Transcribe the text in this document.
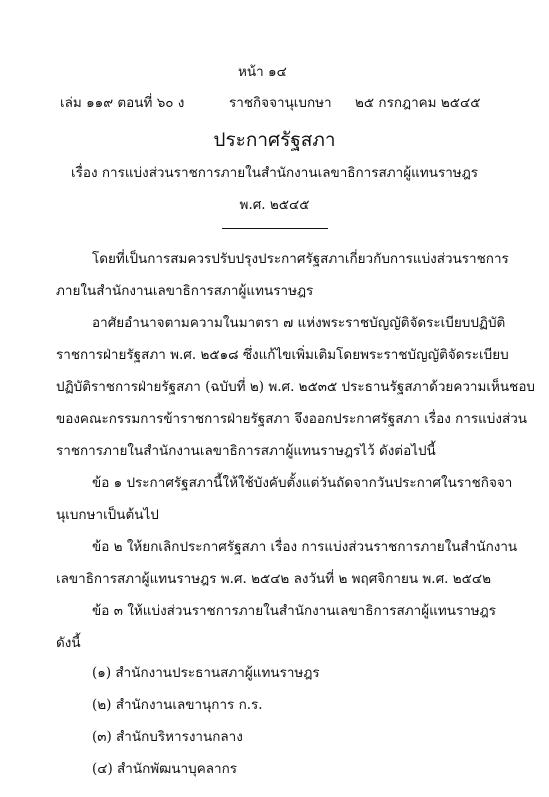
หน้า ๑๔
เล่ม ๑๑๙ ตอนที่ ๖๐ ง	ราชกิจจานุเบกษา ๒๕ กรกฎาคม ๒๕๔๕
ประกาศรัฐสภา
เรื่อง การแบ่งส่วนราชการภายในสำนักงานเลขาธิการสภาผู้แทนราษฎร
พ.ศ. ๒๕๔๕
โดยที่เป็นการสมควรปรับปรุงประกาศรัฐสภาเกี่ยวกับการแบ่งส่วนราชการ
ภายในสำนักงานเลขาธิการสภาผู้แทนราษฎร
อาศัยอำนาจตามความในมาตรา ๗ แห่งพระราชบัญญัติจัดระเบียบปฏิบัติ
ราชการฝ่ายรัฐสภา พ.ศ. ๒๕๑๘ ซึ่งแก้ไขเพิ่มเติมโดยพระราชบัญญัติจัดระเบียบ
ปฏิบัติราชการฝ่ายรัฐสภา (ฉบับที่ ๒) พ.ศ. ๒๕๓๕ ประธานรัฐสภาด้วยความเห็นชอบ
ของคณะกรรมการข้าราชการฝ่ายรัฐสภา จึงออกประกาศรัฐสภา เรื่อง การแบ่งส่วน
ราชการภายในสำนักงานเลขาธิการสภาผู้แทนราษฎรไว้ ดังต่อไปนี้
ข้อ ๑ ประกาศรัฐสภานี้ให้ใช้บังคับตั้งแต่วันถัดจากวันประกาศในราชกิจจา
นุเบกษาเป็นต้นไป
ข้อ ๒ ให้ยกเลิกประกาศรัฐสภา เรื่อง การแบ่งส่วนราชการภายในสำนักงาน
เลขาธิการสภาผู้แทนราษฎร พ.ศ. ๒๕๔๒ ลงวันที่ ๒ พฤศจิกายน พ.ศ. ๒๕๔๒
ข้อ ๓ ให้แบ่งส่วนราชการภายในสำนักงานเลขาธิการสภาผู้แทนราษฎร
ดังนี้
(๑) สำนักงานประธานสภาผู้แทนราษฎร
(๒) สำนักงานเลขานุการ ก.ร.
(๓) สำนักบริหารงานกลาง
(๔) สำนักพัฒนาบุคลากร
